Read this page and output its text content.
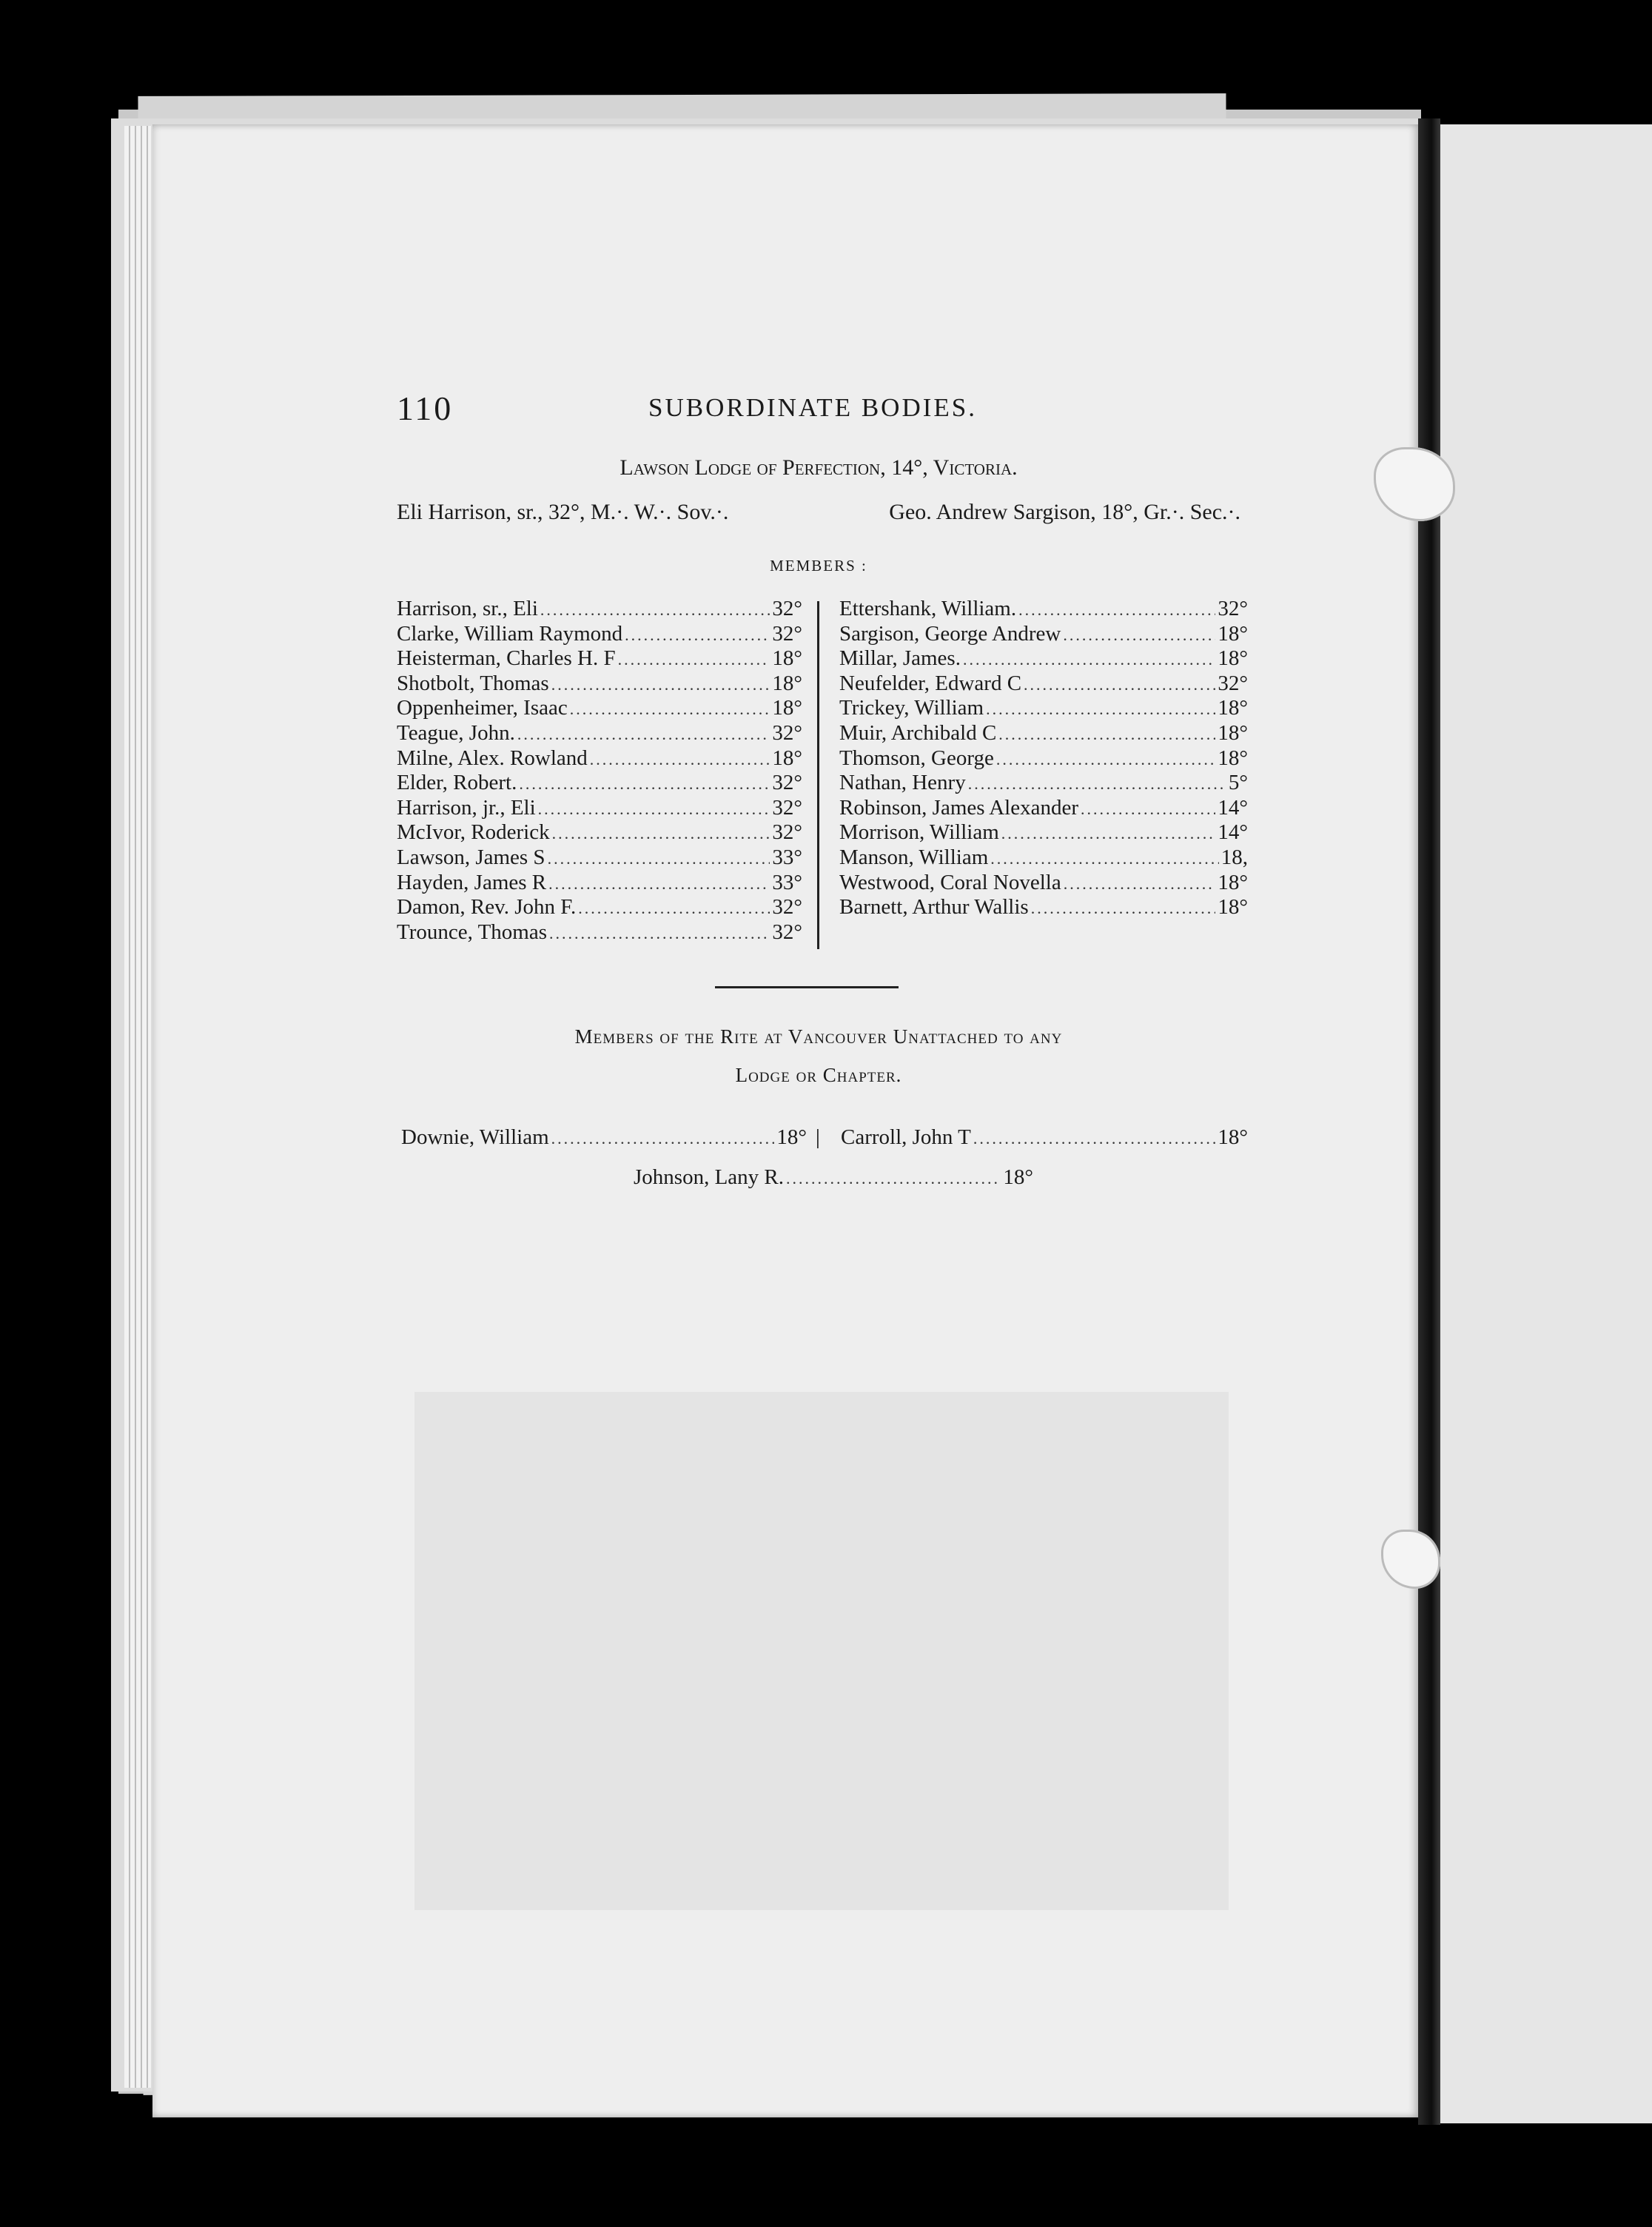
110	SUBORDINATE BODIES.
Lawson Lodge of Perfection, 14°, Victoria.
Eli Harrison, sr., 32°, M.·. W.·. Sov.·.	Geo. Andrew Sargison, 18°, Gr.·. Sec.·.
MEMBERS :
Harrison, sr., Eli .....	32°
Clarke, William Raymond .....	32°
Heisterman, Charles H. F .....	18°
Shotbolt, Thomas .....	18°
Oppenheimer, Isaac .....	18°
Teague, John. .....	32°
Milne, Alex. Rowland .....	18°
Elder, Robert. .....	32°
Harrison, jr., Eli .....	32°
McIvor, Roderick .....	32°
Lawson, James S .....	33°
Hayden, James R .....	33°
Damon, Rev. John F. .....	32°
Trounce, Thomas .....	32°
Ettershank, William. .....	32°
Sargison, George Andrew .....	18°
Millar, James. .....	18°
Neufelder, Edward C .....	32°
Trickey, William .....	18°
Muir, Archibald C .....	18°
Thomson, George .....	18°
Nathan, Henry .....	5°
Robinson, James Alexander .....	14°
Morrison, William .....	14°
Manson, William .....	18,
Westwood, Coral Novella .....	18°
Barnett, Arthur Wallis .....	18°
Members of the Rite at Vancouver Unattached to any
Lodge or Chapter.
Downie, William .....	18° | Carroll, John T .....	18°
Johnson, Lany R. .....	18°
